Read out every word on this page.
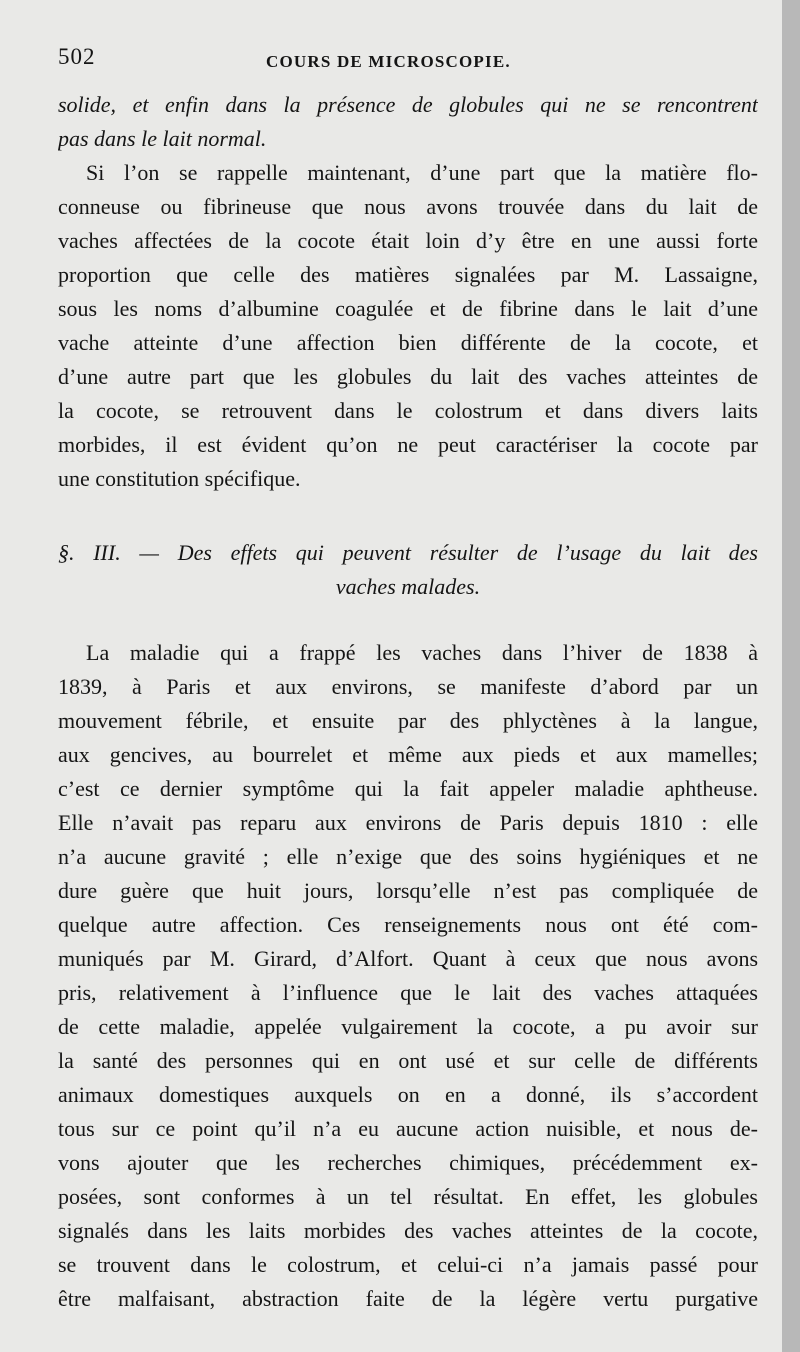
502	COURS DE MICROSCOPIE.
solide, et enfin dans la présence de globules qui ne se rencontrent
pas dans le lait normal.
Si l’on se rappelle maintenant, d’une part que la matière flo-
conneuse ou fibrineuse que nous avons trouvée dans du lait de
vaches affectées de la cocote était loin d’y être en une aussi forte
proportion que celle des matières signalées par M. Lassaigne,
sous les noms d’albumine coagulée et de fibrine dans le lait d’une
vache atteinte d’une affection bien différente de la cocote, et
d’une autre part que les globules du lait des vaches atteintes de
la cocote, se retrouvent dans le colostrum et dans divers laits
morbides, il est évident qu’on ne peut caractériser la cocote par
une constitution spécifique.
§. III. — Des effets qui peuvent résulter de l’usage du lait des
vaches malades.
La maladie qui a frappé les vaches dans l’hiver de 1838 à
1839, à Paris et aux environs, se manifeste d’abord par un
mouvement fébrile, et ensuite par des phlyctènes à la langue,
aux gencives, au bourrelet et même aux pieds et aux mamelles;
c’est ce dernier symptôme qui la fait appeler maladie aphtheuse.
Elle n’avait pas reparu aux environs de Paris depuis 1810 : elle
n’a aucune gravité ; elle n’exige que des soins hygiéniques et ne
dure guère que huit jours, lorsqu’elle n’est pas compliquée de
quelque autre affection. Ces renseignements nous ont été com-
muniqués par M. Girard, d’Alfort. Quant à ceux que nous avons
pris, relativement à l’influence que le lait des vaches attaquées
de cette maladie, appelée vulgairement la cocote, a pu avoir sur
la santé des personnes qui en ont usé et sur celle de différents
animaux domestiques auxquels on en a donné, ils s’accordent
tous sur ce point qu’il n’a eu aucune action nuisible, et nous de-
vons ajouter que les recherches chimiques, précédemment ex-
posées, sont conformes à un tel résultat. En effet, les globules
signalés dans les laits morbides des vaches atteintes de la cocote,
se trouvent dans le colostrum, et celui-ci n’a jamais passé pour
être malfaisant, abstraction faite de la légère vertu purgative
